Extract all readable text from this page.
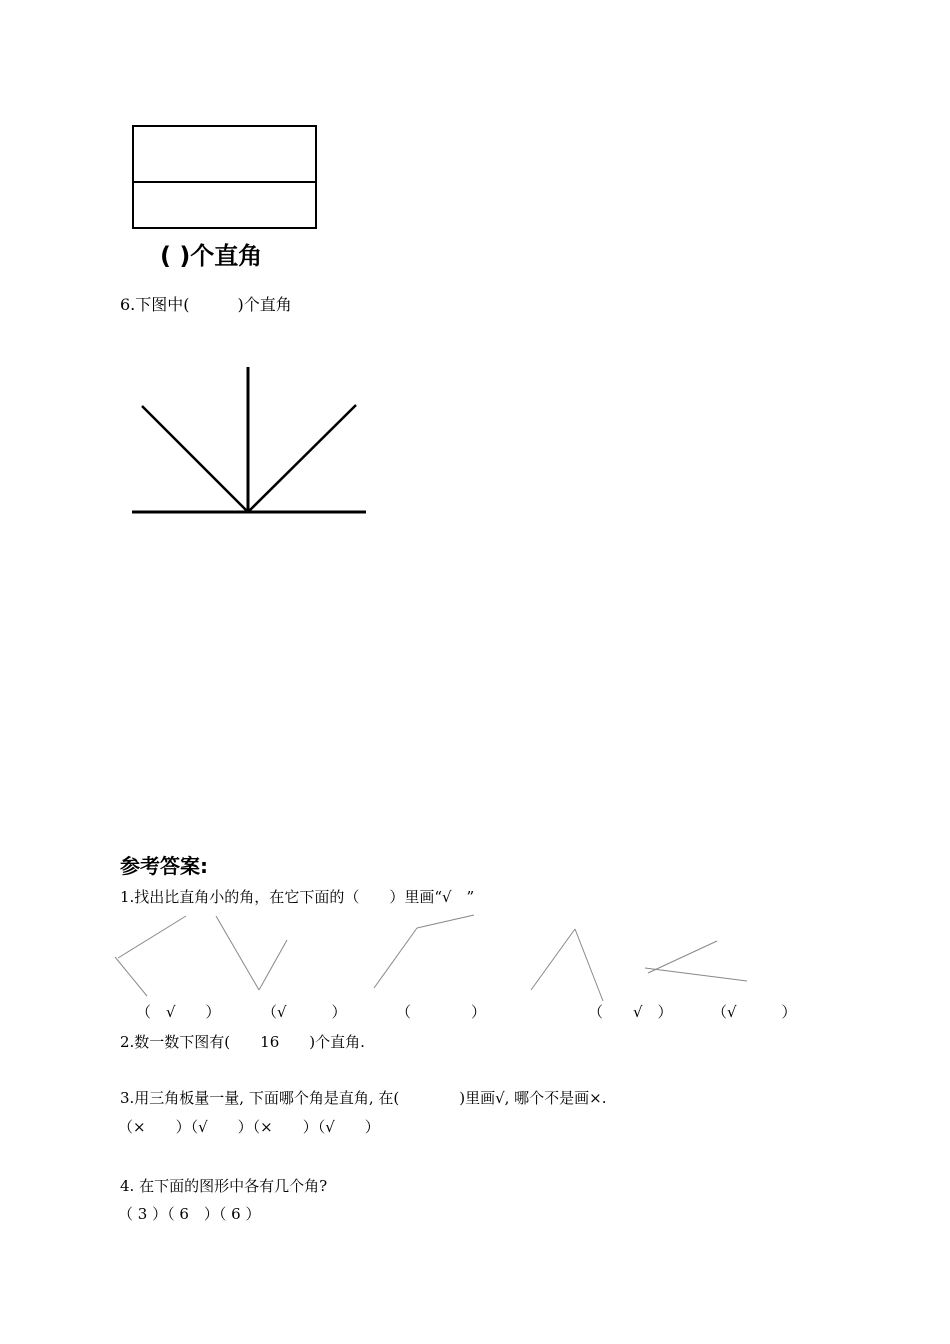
( )个直角
6.下图中(　　　)个直角
参考答案:
1.找出比直角小的角，在它下面的（　　）里画“√　”
（　√　　）	（√　　　）	（　　　　）	（　　√　）	（√　　　）
2.数一数下图有(　　16　　)个直角.
3.用三角板量一量, 下面哪个角是直角, 在(　　　　)里画√, 哪个不是画×.
（×　　）（√　　）（×　　）（√　　）
4. 在下面的图形中各有几个角?
（ 3 ）（ 6　）（ 6 ）
